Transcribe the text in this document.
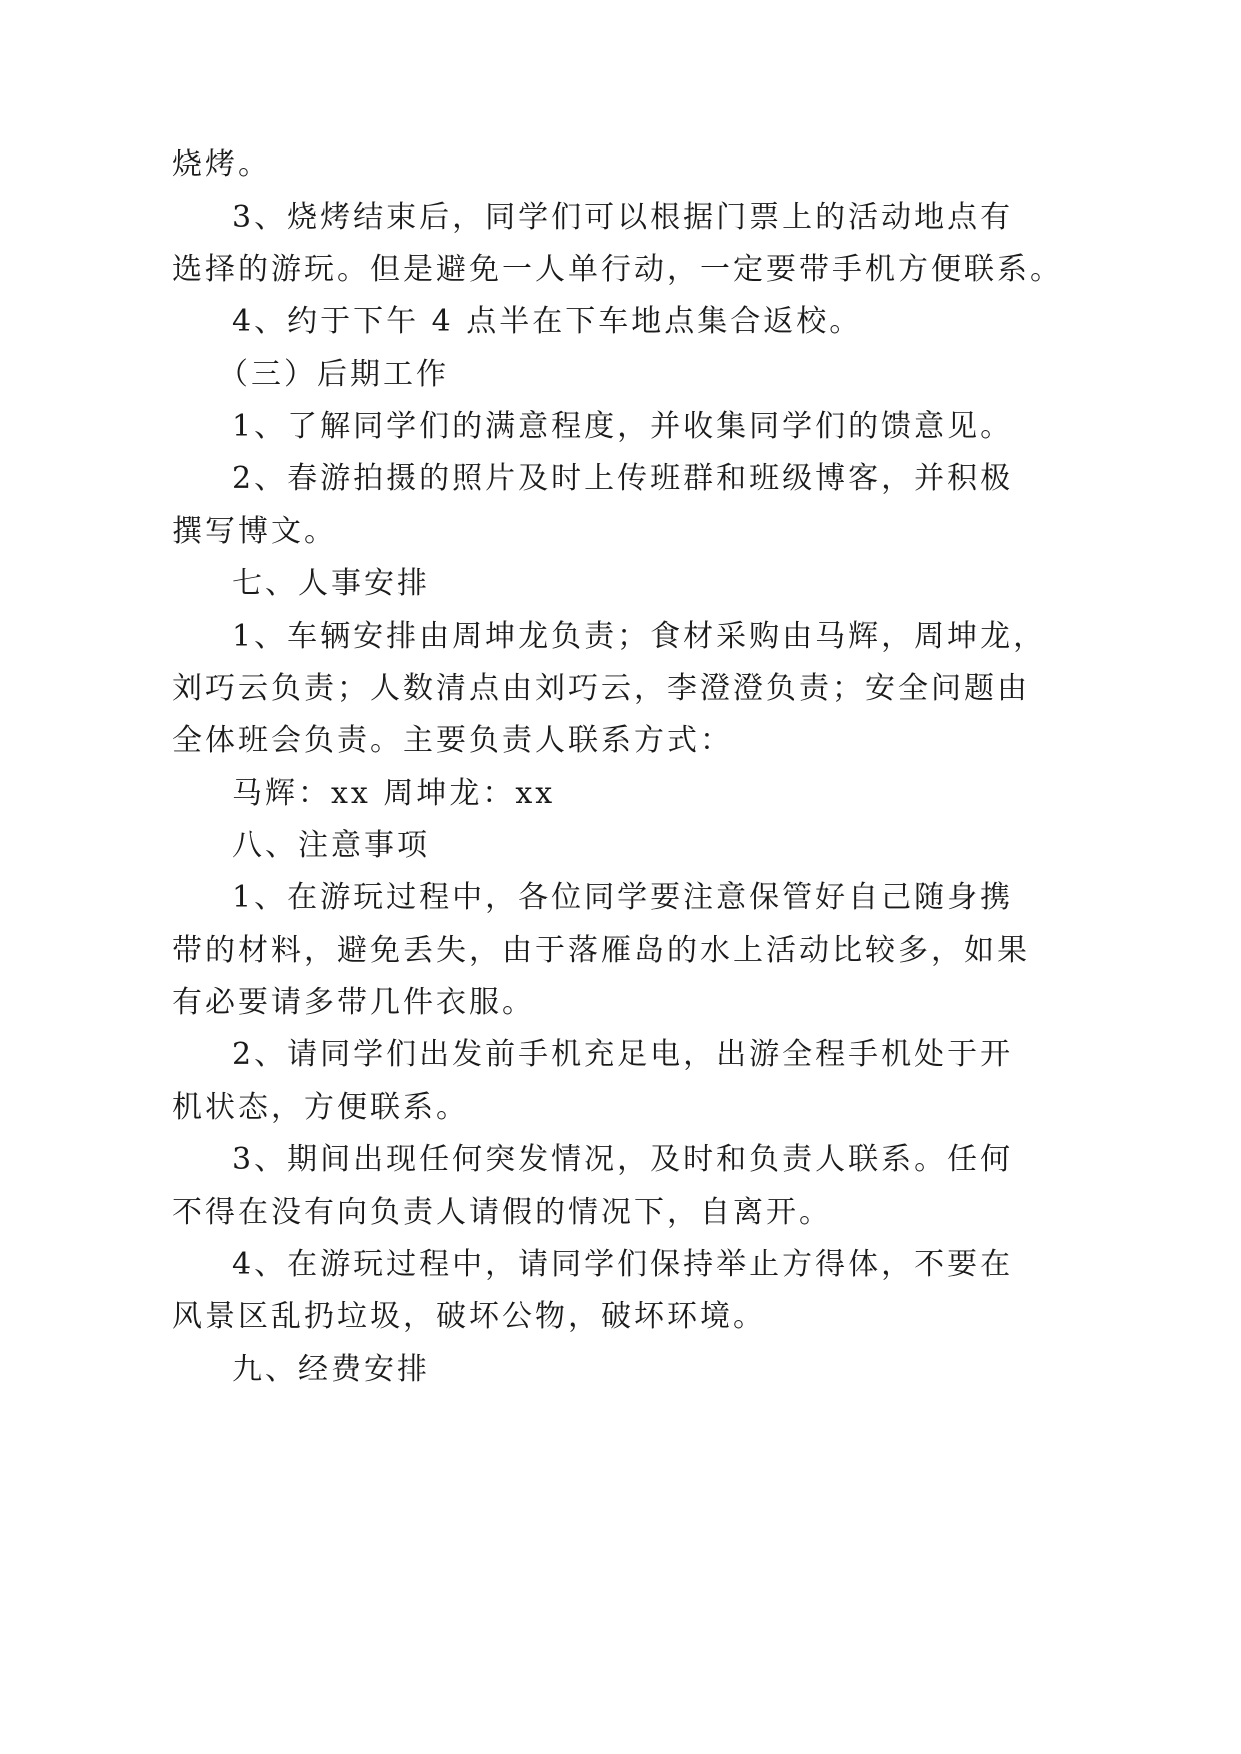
烧烤。
3、烧烤结束后，同学们可以根据门票上的活动地点有
选择的游玩。但是避免一人单行动，一定要带手机方便联系。
4、约于下午 4 点半在下车地点集合返校。
（三）后期工作
1、了解同学们的满意程度，并收集同学们的馈意见。
2、春游拍摄的照片及时上传班群和班级博客，并积极
撰写博文。
七、人事安排
1、车辆安排由周坤龙负责；食材采购由马辉，周坤龙，
刘巧云负责；人数清点由刘巧云，李澄澄负责；安全问题由
全体班会负责。主要负责人联系方式：
马辉：xx 周坤龙：xx
八、注意事项
1、在游玩过程中，各位同学要注意保管好自己随身携
带的材料，避免丢失，由于落雁岛的水上活动比较多，如果
有必要请多带几件衣服。
2、请同学们出发前手机充足电，出游全程手机处于开
机状态，方便联系。
3、期间出现任何突发情况，及时和负责人联系。任何
不得在没有向负责人请假的情况下，自离开。
4、在游玩过程中，请同学们保持举止方得体，不要在
风景区乱扔垃圾，破坏公物，破坏环境。
九、经费安排
